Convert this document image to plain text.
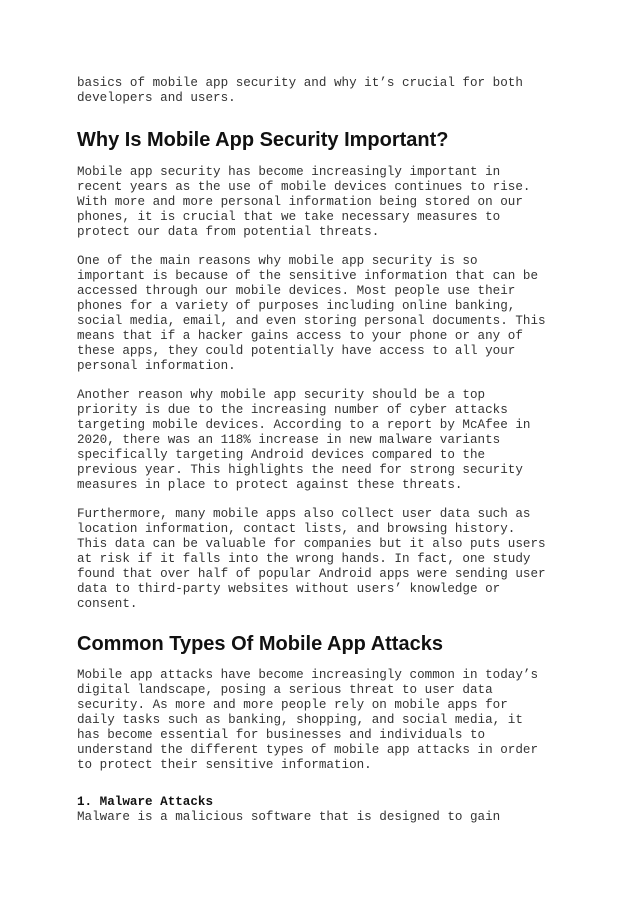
basics of mobile app security and why it’s crucial for both
developers and users.

Why Is Mobile App Security Important?

Mobile app security has become increasingly important in
recent years as the use of mobile devices continues to rise.
With more and more personal information being stored on our
phones, it is crucial that we take necessary measures to
protect our data from potential threats.

One of the main reasons why mobile app security is so
important is because of the sensitive information that can be
accessed through our mobile devices. Most people use their
phones for a variety of purposes including online banking,
social media, email, and even storing personal documents. This
means that if a hacker gains access to your phone or any of
these apps, they could potentially have access to all your
personal information.

Another reason why mobile app security should be a top
priority is due to the increasing number of cyber attacks
targeting mobile devices. According to a report by McAfee in
2020, there was an 118% increase in new malware variants
specifically targeting Android devices compared to the
previous year. This highlights the need for strong security
measures in place to protect against these threats.

Furthermore, many mobile apps also collect user data such as
location information, contact lists, and browsing history.
This data can be valuable for companies but it also puts users
at risk if it falls into the wrong hands. In fact, one study
found that over half of popular Android apps were sending user
data to third-party websites without users’ knowledge or
consent.

Common Types Of Mobile App Attacks

Mobile app attacks have become increasingly common in today’s
digital landscape, posing a serious threat to user data
security. As more and more people rely on mobile apps for
daily tasks such as banking, shopping, and social media, it
has become essential for businesses and individuals to
understand the different types of mobile app attacks in order
to protect their sensitive information.

1. Malware Attacks

Malware is a malicious software that is designed to gain
